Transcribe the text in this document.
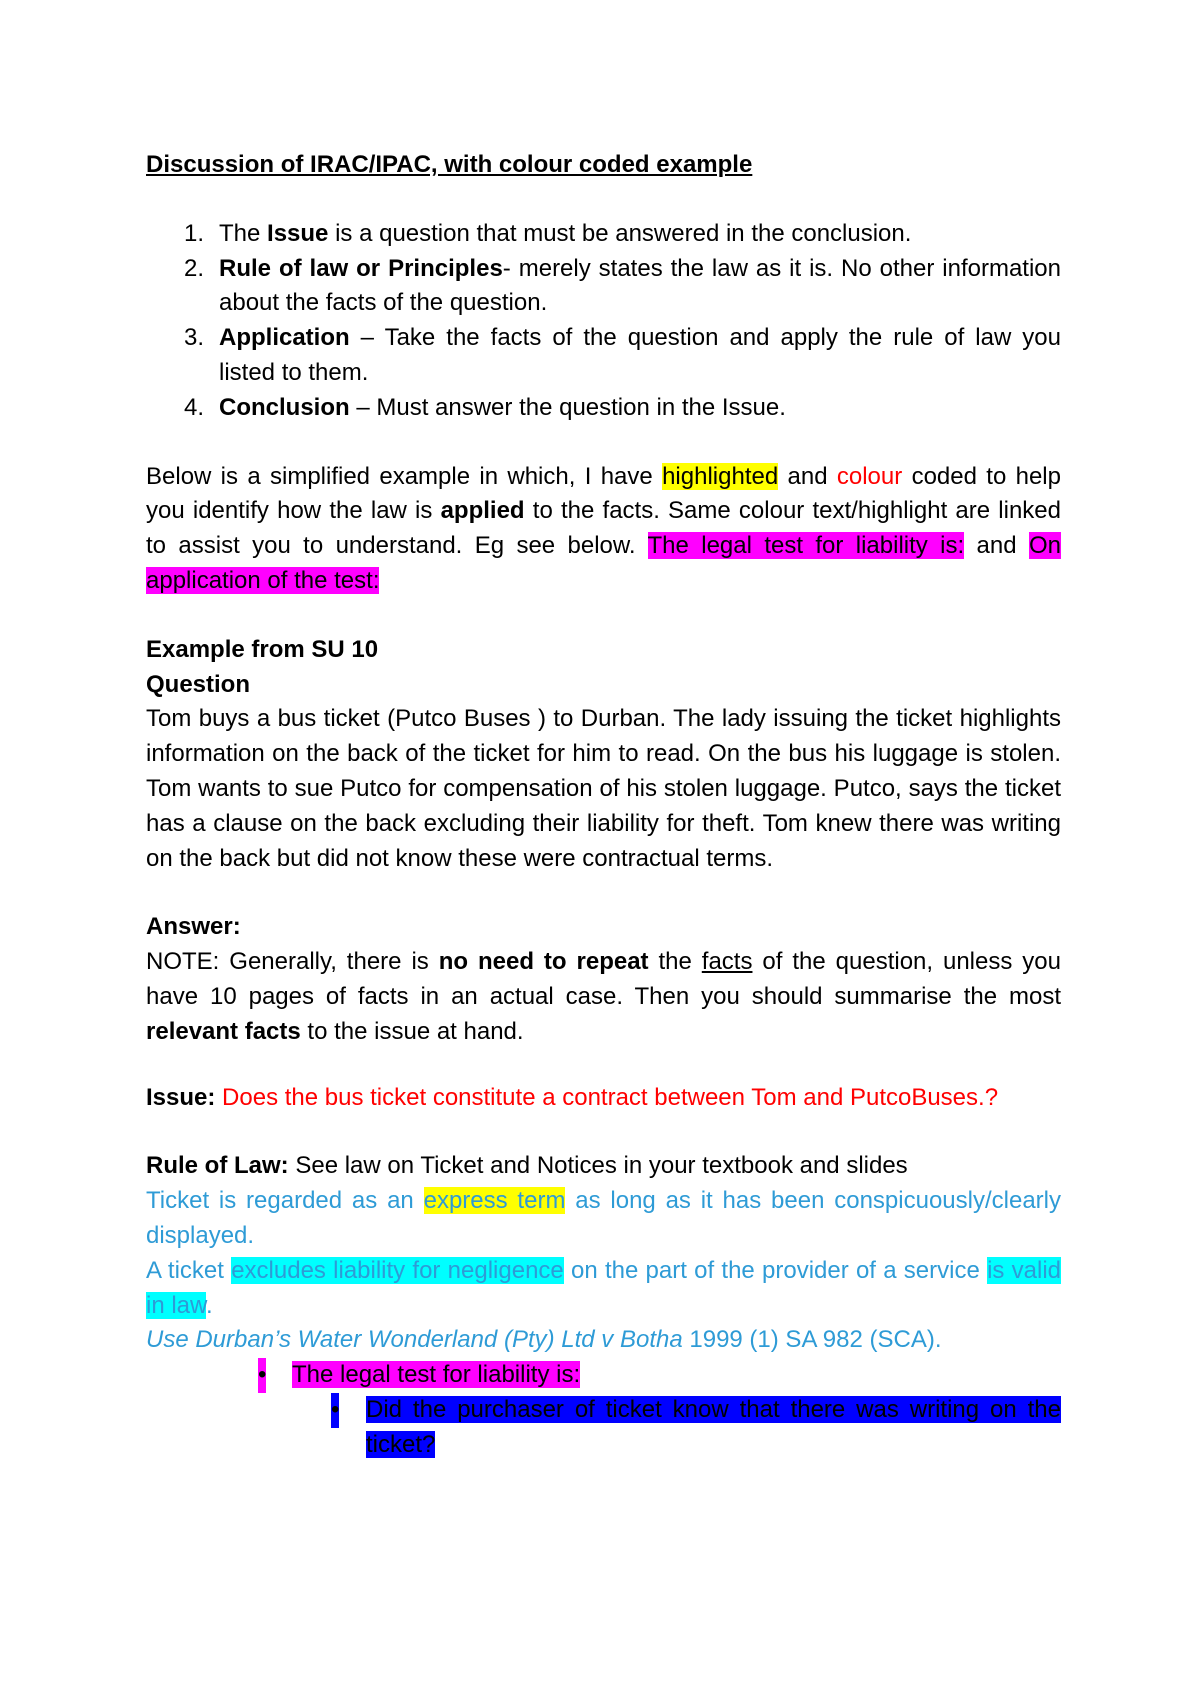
Discussion of IRAC/IPAC, with colour coded example

1. The Issue is a question that must be answered in the conclusion.
2. Rule of law or Principles- merely states the law as it is. No other information about the facts of the question.
3. Application – Take the facts of the question and apply the rule of law you listed to them.
4. Conclusion – Must answer the question in the Issue.

Below is a simplified example in which, I have highlighted and colour coded to help you identify how the law is applied to the facts. Same colour text/highlight are linked to assist you to understand. Eg see below. The legal test for liability is: and On application of the test:

Example from SU 10

Question

Tom buys a bus ticket (Putco Buses ) to Durban. The lady issuing the ticket highlights information on the back of the ticket for him to read. On the bus his luggage is stolen. Tom wants to sue Putco for compensation of his stolen luggage. Putco, says the ticket has a clause on the back excluding their liability for theft. Tom knew there was writing on the back but did not know these were contractual terms.

Answer:

NOTE: Generally, there is no need to repeat the facts of the question, unless you have 10 pages of facts in an actual case. Then you should summarise the most relevant facts to the issue at hand.

Issue: Does the bus ticket constitute a contract between Tom and PutcoBuses.?

Rule of Law: See law on Ticket and Notices in your textbook and slides

Ticket is regarded as an express term as long as it has been conspicuously/clearly displayed.

A ticket excludes liability for negligence on the part of the provider of a service is valid in law.

Use Durban’s Water Wonderland (Pty) Ltd v Botha 1999 (1) SA 982 (SCA).

• The legal test for liability is:

• Did the purchaser of ticket know that there was writing on the ticket?
